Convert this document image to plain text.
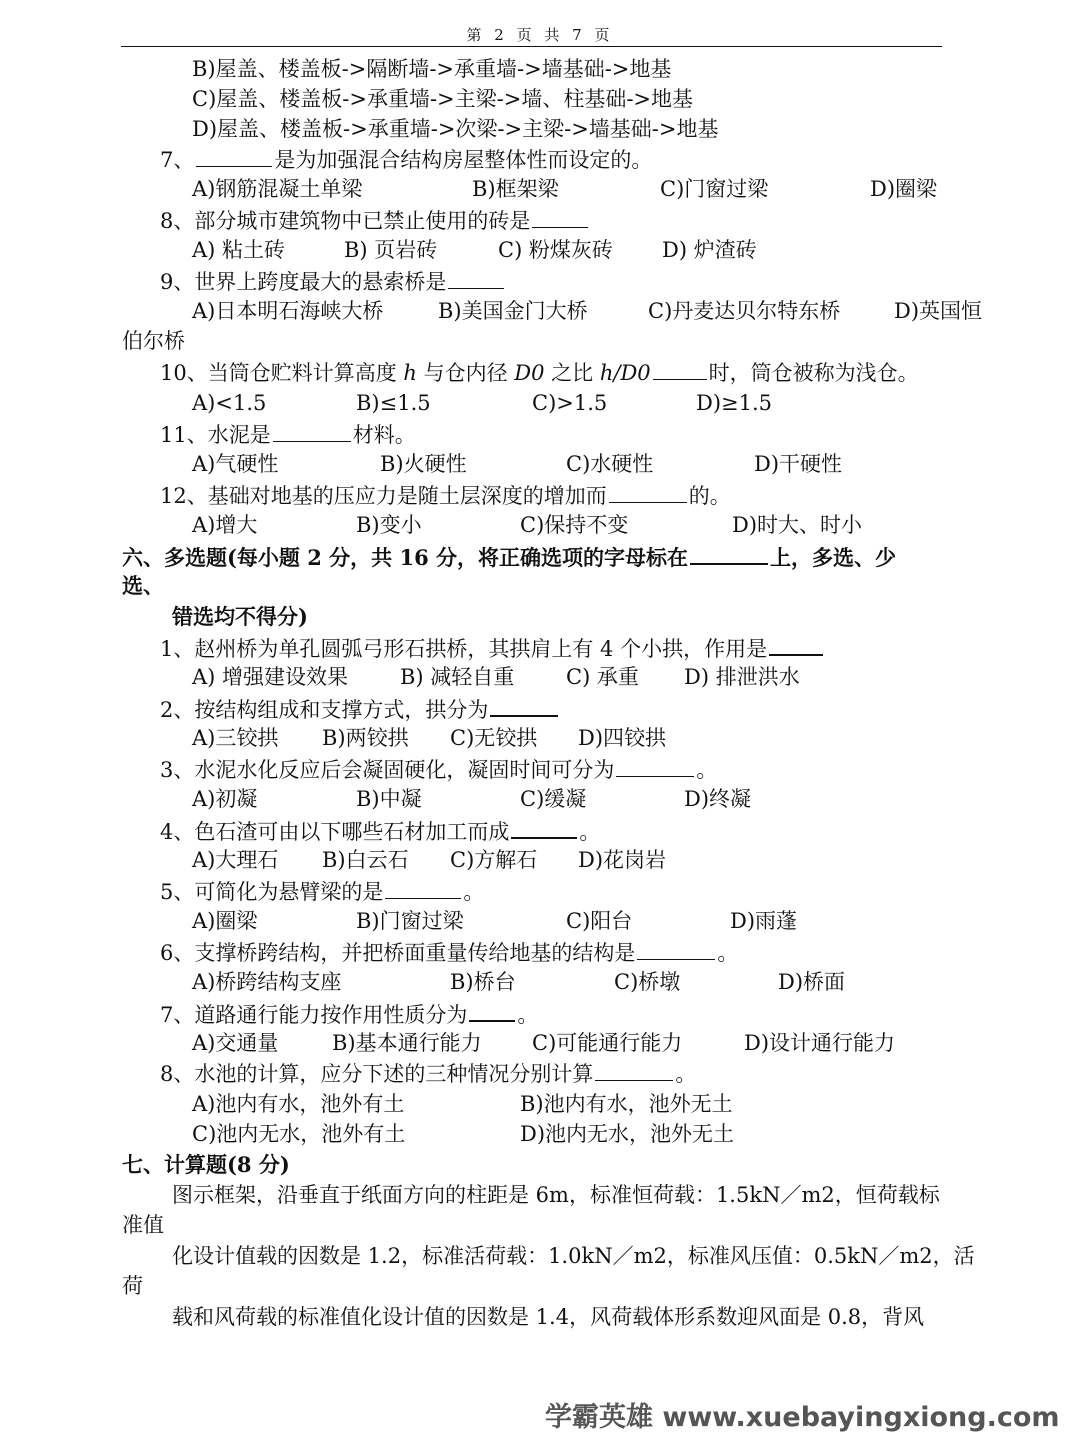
第 2 页 共 7 页
B)屋盖、楼盖板->隔断墙->承重墙->墙基础->地基
C)屋盖、楼盖板->承重墙->主梁->墙、柱基础->地基
D)屋盖、楼盖板->承重墙->次梁->主梁->墙基础->地基
7、	是为加强混合结构房屋整体性而设定的。
A)钢筋混凝土单梁	B)框架梁	C)门窗过梁	D)圈梁
8、部分城市建筑物中已禁止使用的砖是
A) 粘土砖	B) 页岩砖	C) 粉煤灰砖 D) 炉渣砖
9、世界上跨度最大的悬索桥是
A)日本明石海峡大桥	B)美国金门大桥	C)丹麦达贝尔特东桥	D)英国恒
伯尔桥
10、当筒仓贮料计算高度 h 与仓内径 D0 之比 h/D0	时，筒仓被称为浅仓。
A)<1.5	B)≤1.5	C)>1.5	D)≥1.5
11、水泥是	材料。
A)气硬性	B)火硬性	C)水硬性	D)干硬性
12、基础对地基的压应力是随土层深度的增加而	的。
A)增大	B)变小	C)保持不变	D)时大、时小
六、多选题(每小题 2 分，共 16 分，将正确选项的字母标在	上，多选、少
选、
错选均不得分)
1、赵州桥为单孔圆弧弓形石拱桥，其拱肩上有 4 个小拱，作用是
A) 增强建设效果 B) 减轻自重 C) 承重 D) 排泄洪水
2、按结构组成和支撑方式，拱分为
A)三铰拱 B)两铰拱 C)无铰拱 D)四铰拱
3、水泥水化反应后会凝固硬化，凝固时间可分为	。
A)初凝	B)中凝	C)缓凝	D)终凝
4、色石渣可由以下哪些石材加工而成	。
A)大理石 B)白云石 C)方解石 D)花岗岩
5、可简化为悬臂梁的是	。
A)圈梁	B)门窗过梁	C)阳台	D)雨蓬
6、支撑桥跨结构，并把桥面重量传给地基的结构是	。
A)桥跨结构支座	B)桥台	C)桥墩	D)桥面
7、道路通行能力按作用性质分为 。
A)交通量	B)基本通行能力 C)可能通行能力	D)设计通行能力
8、水池的计算，应分下述的三种情况分别计算	。
A)池内有水，池外有土	B)池内有水，池外无土
C)池内无水，池外有土	D)池内无水，池外无土
七、计算题(8 分)
图示框架，沿垂直于纸面方向的柱距是 6m，标准恒荷载：1.5kN／m2，恒荷载标
准值
化设计值载的因数是 1.2，标准活荷载：1.0kN／m2，标准风压值：0.5kN／m2，活
荷
载和风荷载的标准值化设计值的因数是 1.4，风荷载体形系数迎风面是 0.8，背风
学霸英雄 www.xuebayingxiong.com
